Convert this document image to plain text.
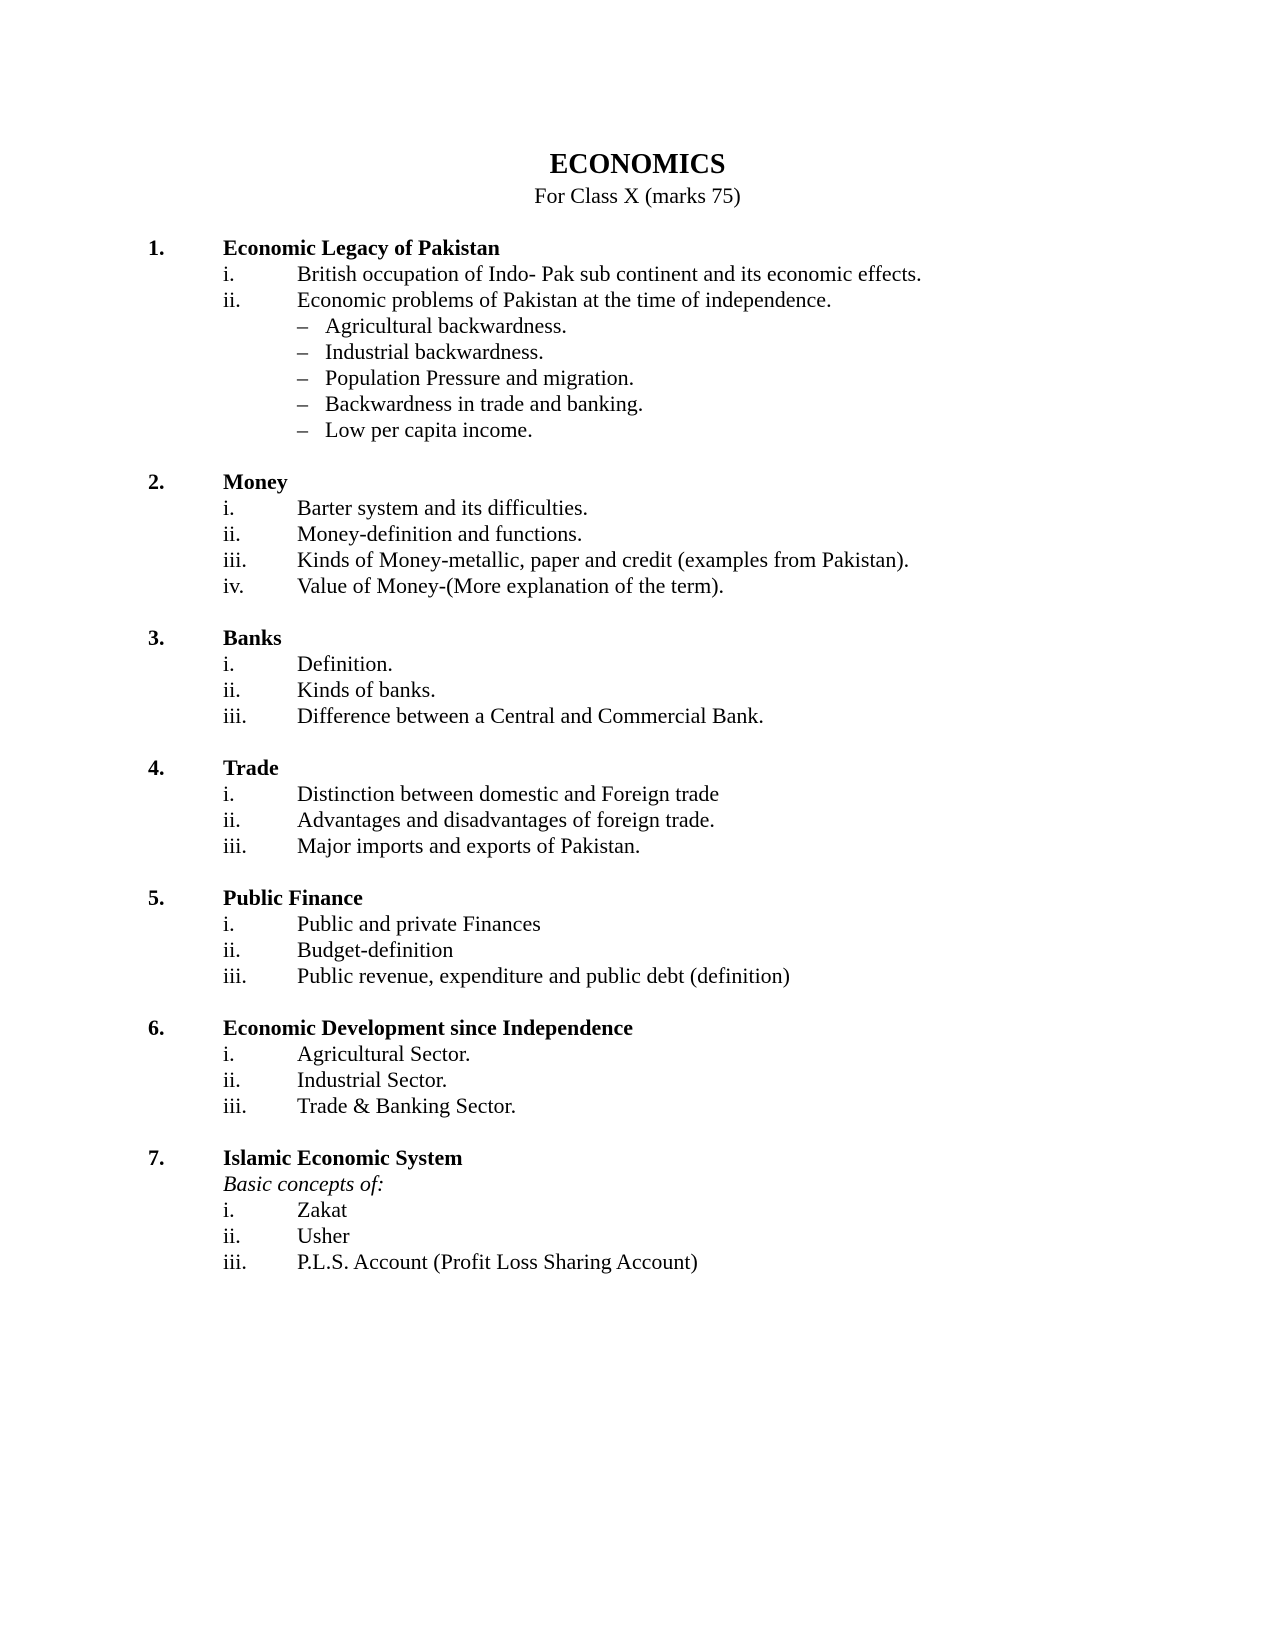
ECONOMICS
For Class X (marks 75)
1.	Economic Legacy of Pakistan
i.	British occupation of Indo- Pak sub continent and its economic effects.
ii.	Economic problems of Pakistan at the time of independence.
– Agricultural backwardness.
– Industrial backwardness.
– Population Pressure and migration.
– Backwardness in trade and banking.
– Low per capita income.
2.	Money
i.	Barter system and its difficulties.
ii.	Money-definition and functions.
iii. Kinds of Money-metallic, paper and credit (examples from Pakistan).
iv. Value of Money-(More explanation of the term).
3.	Banks
i.	Definition.
ii.	Kinds of banks.
iii. Difference between a Central and Commercial Bank.
4.	Trade
i.	Distinction between domestic and Foreign trade
ii.	Advantages and disadvantages of foreign trade.
iii. Major imports and exports of Pakistan.
5.	Public Finance
i.	Public and private Finances
ii.	Budget-definition
iii. Public revenue, expenditure and public debt (definition)
6.	Economic Development since Independence
i.	Agricultural Sector.
ii.	Industrial Sector.
iii. Trade & Banking Sector.
7.	Islamic Economic System
Basic concepts of:
i.	Zakat
ii.	Usher
iii. P.L.S. Account (Profit Loss Sharing Account)
